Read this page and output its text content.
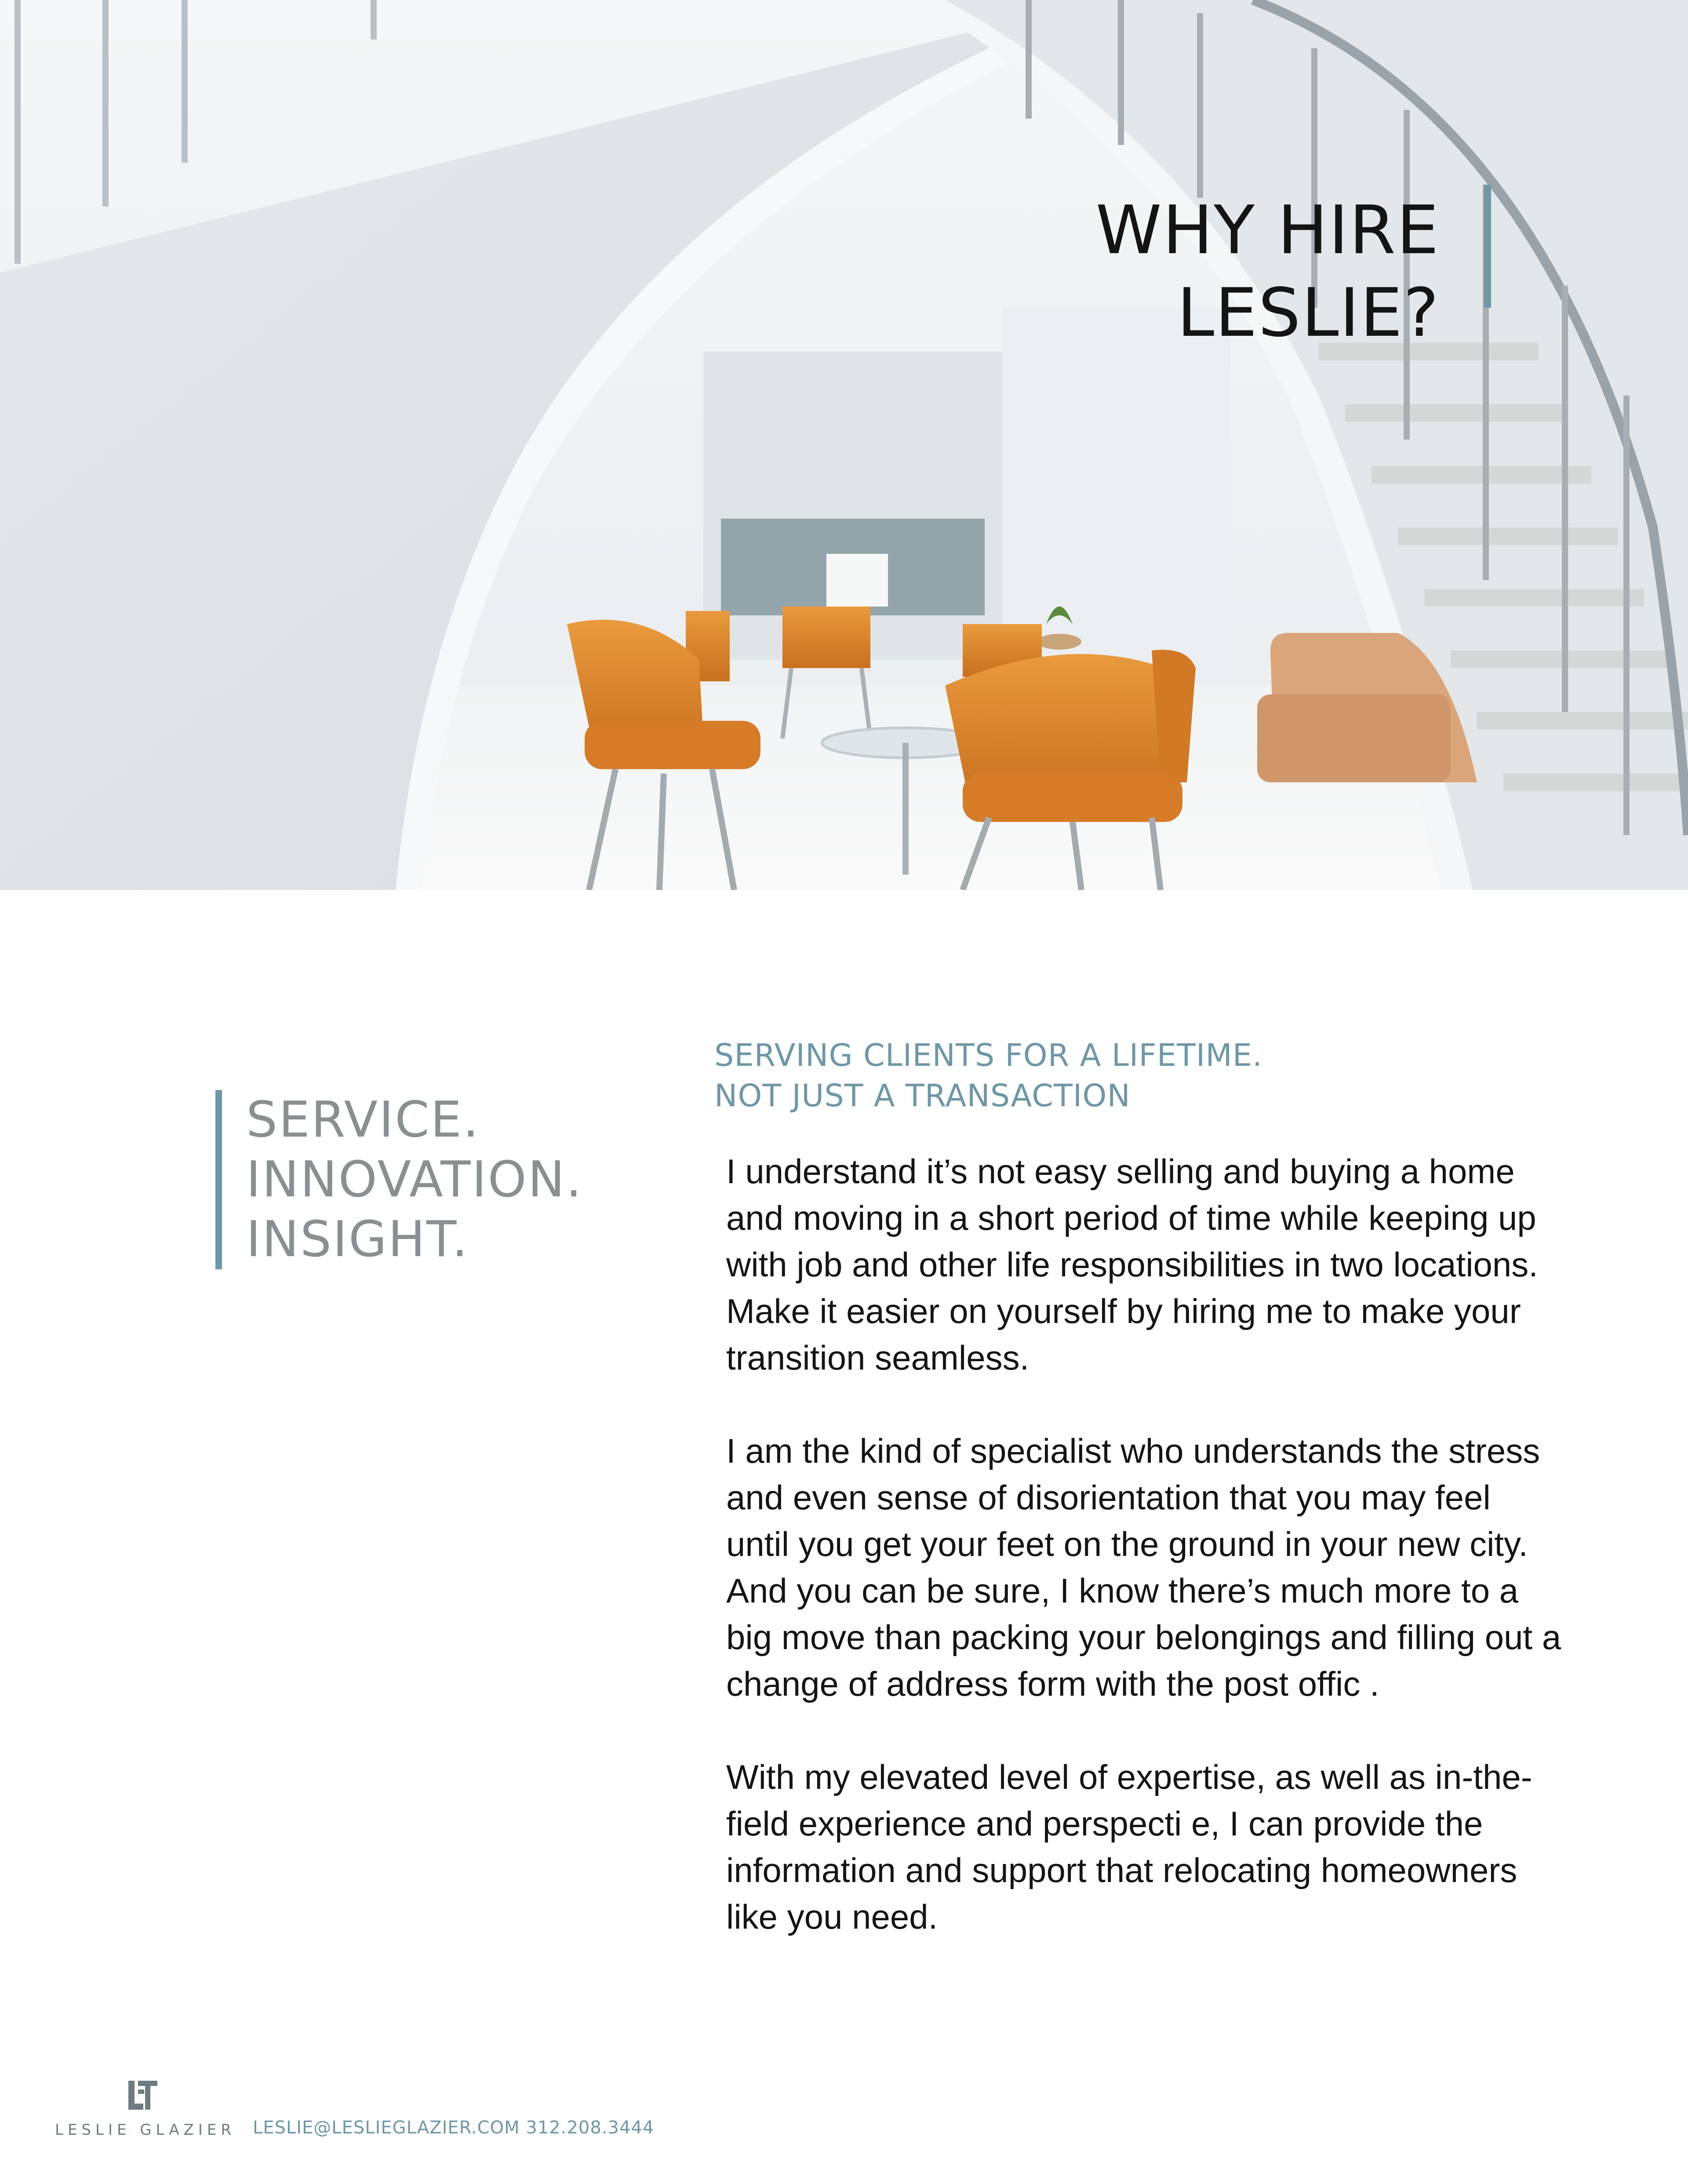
WHY HIRE
LESLIE?
SERVICE.
INNOVATION.
INSIGHT.
SERVING CLIENTS FOR A LIFETIME.
NOT JUST A TRANSACTION

I understand it’s not easy selling and buying a home
and moving in a short period of time while keeping up
with job and other life responsibilities in two locations.
Make it easier on yourself by hiring me to make your
transition seamless.

I am the kind of specialist who understands the stress
and even sense of disorientation that you may feel
until you get your feet on the ground in your new city.
And you can be sure, I know there’s much more to a
big move than packing your belongings and filling out a
change of address form with the post offic .

With my elevated level of expertise, as well as in-the-
field experience and perspecti e, I can provide the
information and support that relocating homeowners
like you need.

LESLIE GLAZIER LESLIE@LESLIEGLAZIER.COM 312.208.3444
